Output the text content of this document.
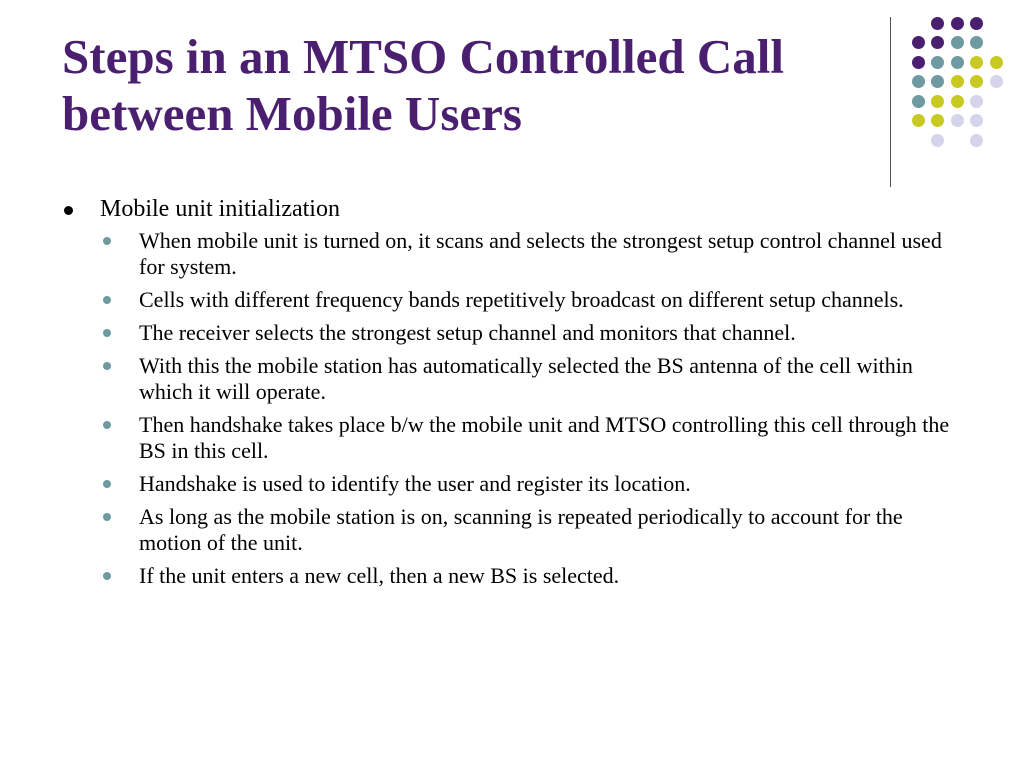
Steps in an MTSO Controlled Call
between Mobile Users
Mobile unit initialization
When mobile unit is turned on, it scans and selects the strongest setup control channel used for system.
Cells with different frequency bands repetitively broadcast on different setup channels.
The receiver selects the strongest setup channel and monitors that channel.
With this the mobile station has automatically selected the BS antenna of the cell within which it will operate.
Then handshake takes place b/w the mobile unit and MTSO controlling this cell through the BS in this cell.
Handshake is used to identify the user and register its location.
As long as the mobile station is on, scanning is repeated periodically to account for the motion of the unit.
If the unit enters a new cell, then a new BS is selected.
